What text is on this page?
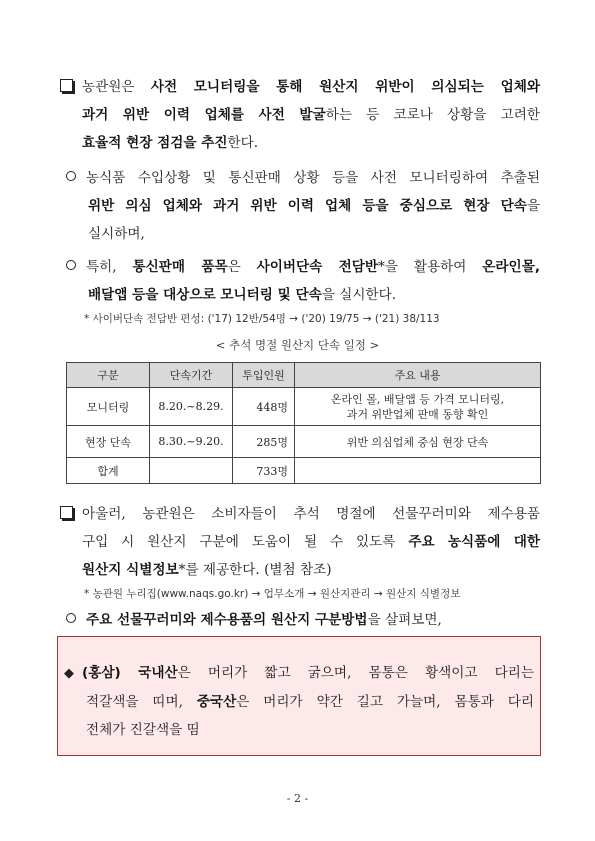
농관원은 사전 모니터링을 통해 원산지 위반이 의심되는 업체와
과거 위반 이력 업체를 사전 발굴하는 등 코로나 상황을 고려한
효율적 현장 점검을 추진한다.
농식품 수입상황 및 통신판매 상황 등을 사전 모니터링하여 추출된
위반 의심 업체와 과거 위반 이력 업체 등을 중심으로 현장 단속을
실시하며,
특히, 통신판매 품목은 사이버단속 전담반*을 활용하여 온라인몰,
배달앱 등을 대상으로 모니터링 및 단속을 실시한다.
* 사이버단속 전담반 편성: ('17) 12반/54명 → ('20) 19/75 → ('21) 38/113
< 추석 명절 원산지 단속 일정 >
구분	단속기간	투입인원	주요 내용
모니터링	8.20.~8.29.	448명	온라인 몰, 배달앱 등 가격 모니터링,
과거 위반업체 판매 동향 확인
현장 단속	8.30.~9.20.	285명	위반 의심업체 중심 현장 단속
합계		733명	
아울러, 농관원은 소비자들이 추석 명절에 선물꾸러미와 제수용품
구입 시 원산지 구분에 도움이 될 수 있도록 주요 농식품에 대한
원산지 식별정보*를 제공한다. (별첨 참조)
* 농관원 누리집(www.naqs.go.kr) → 업무소개 → 원산지관리 → 원산지 식별정보
주요 선물꾸러미와 제수용품의 원산지 구분방법을 살펴보면,
◆ (홍삼) 국내산은 머리가 짧고 굵으며, 몸통은 황색이고 다리는
적갈색을 띠며, 중국산은 머리가 약간 길고 가늘며, 몸통과 다리
전체가 진갈색을 띰
- 2 -
